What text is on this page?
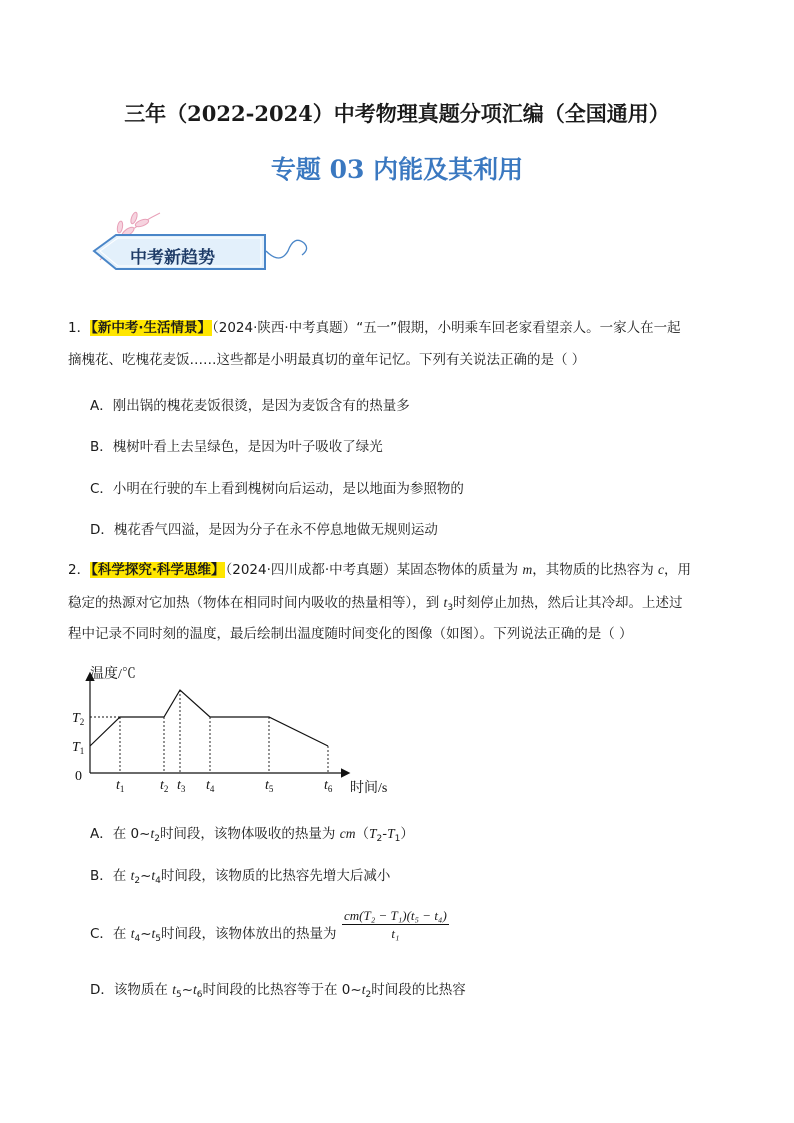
三年（2022-2024）中考物理真题分项汇编（全国通用）
专题 03 内能及其利用
中考新趋势
1．【新中考·生活情景】（2024·陕西·中考真题）“五一”假期，小明乘车回老家看望亲人。一家人在一起
摘槐花、吃槐花麦饭……这些都是小明最真切的童年记忆。下列有关说法正确的是（ ）
A．刚出锅的槐花麦饭很烫，是因为麦饭含有的热量多
B．槐树叶看上去呈绿色，是因为叶子吸收了绿光
C．小明在行驶的车上看到槐树向后运动，是以地面为参照物的
D．槐花香气四溢，是因为分子在永不停息地做无规则运动
2．【科学探究·科学思维】（2024·四川成都·中考真题）某固态物体的质量为 m，其物质的比热容为 c，用
稳定的热源对它加热（物体在相同时间内吸收的热量相等），到 $t_3$时刻停止加热，然后让其冷却。上述过
程中记录不同时刻的温度，最后绘制出温度随时间变化的图像（如图）。下列说法正确的是（ ）
温度/℃
时间/s
0
$T_2$
$T_1$
$t_1$	$t_2$ $t_3$ $t_4$	$t_5$	$t_6$
A．在 $0\sim t_2$时间段，该物体吸收的热量为 $cm(T_2-T_1)$
B．在 $t_2\sim t_4$时间段，该物质的比热容先增大后减小
C．在 $t_4\sim t_5$时间段，该物体放出的热量为 $\frac{\text{cm(T₂ − T₁)(t₅ − t₄)}}{\text{t₁}}$
D．该物质在 $t_5\sim t_6$时间段的比热容等于在 $0\sim t_2$时间段的比热容
